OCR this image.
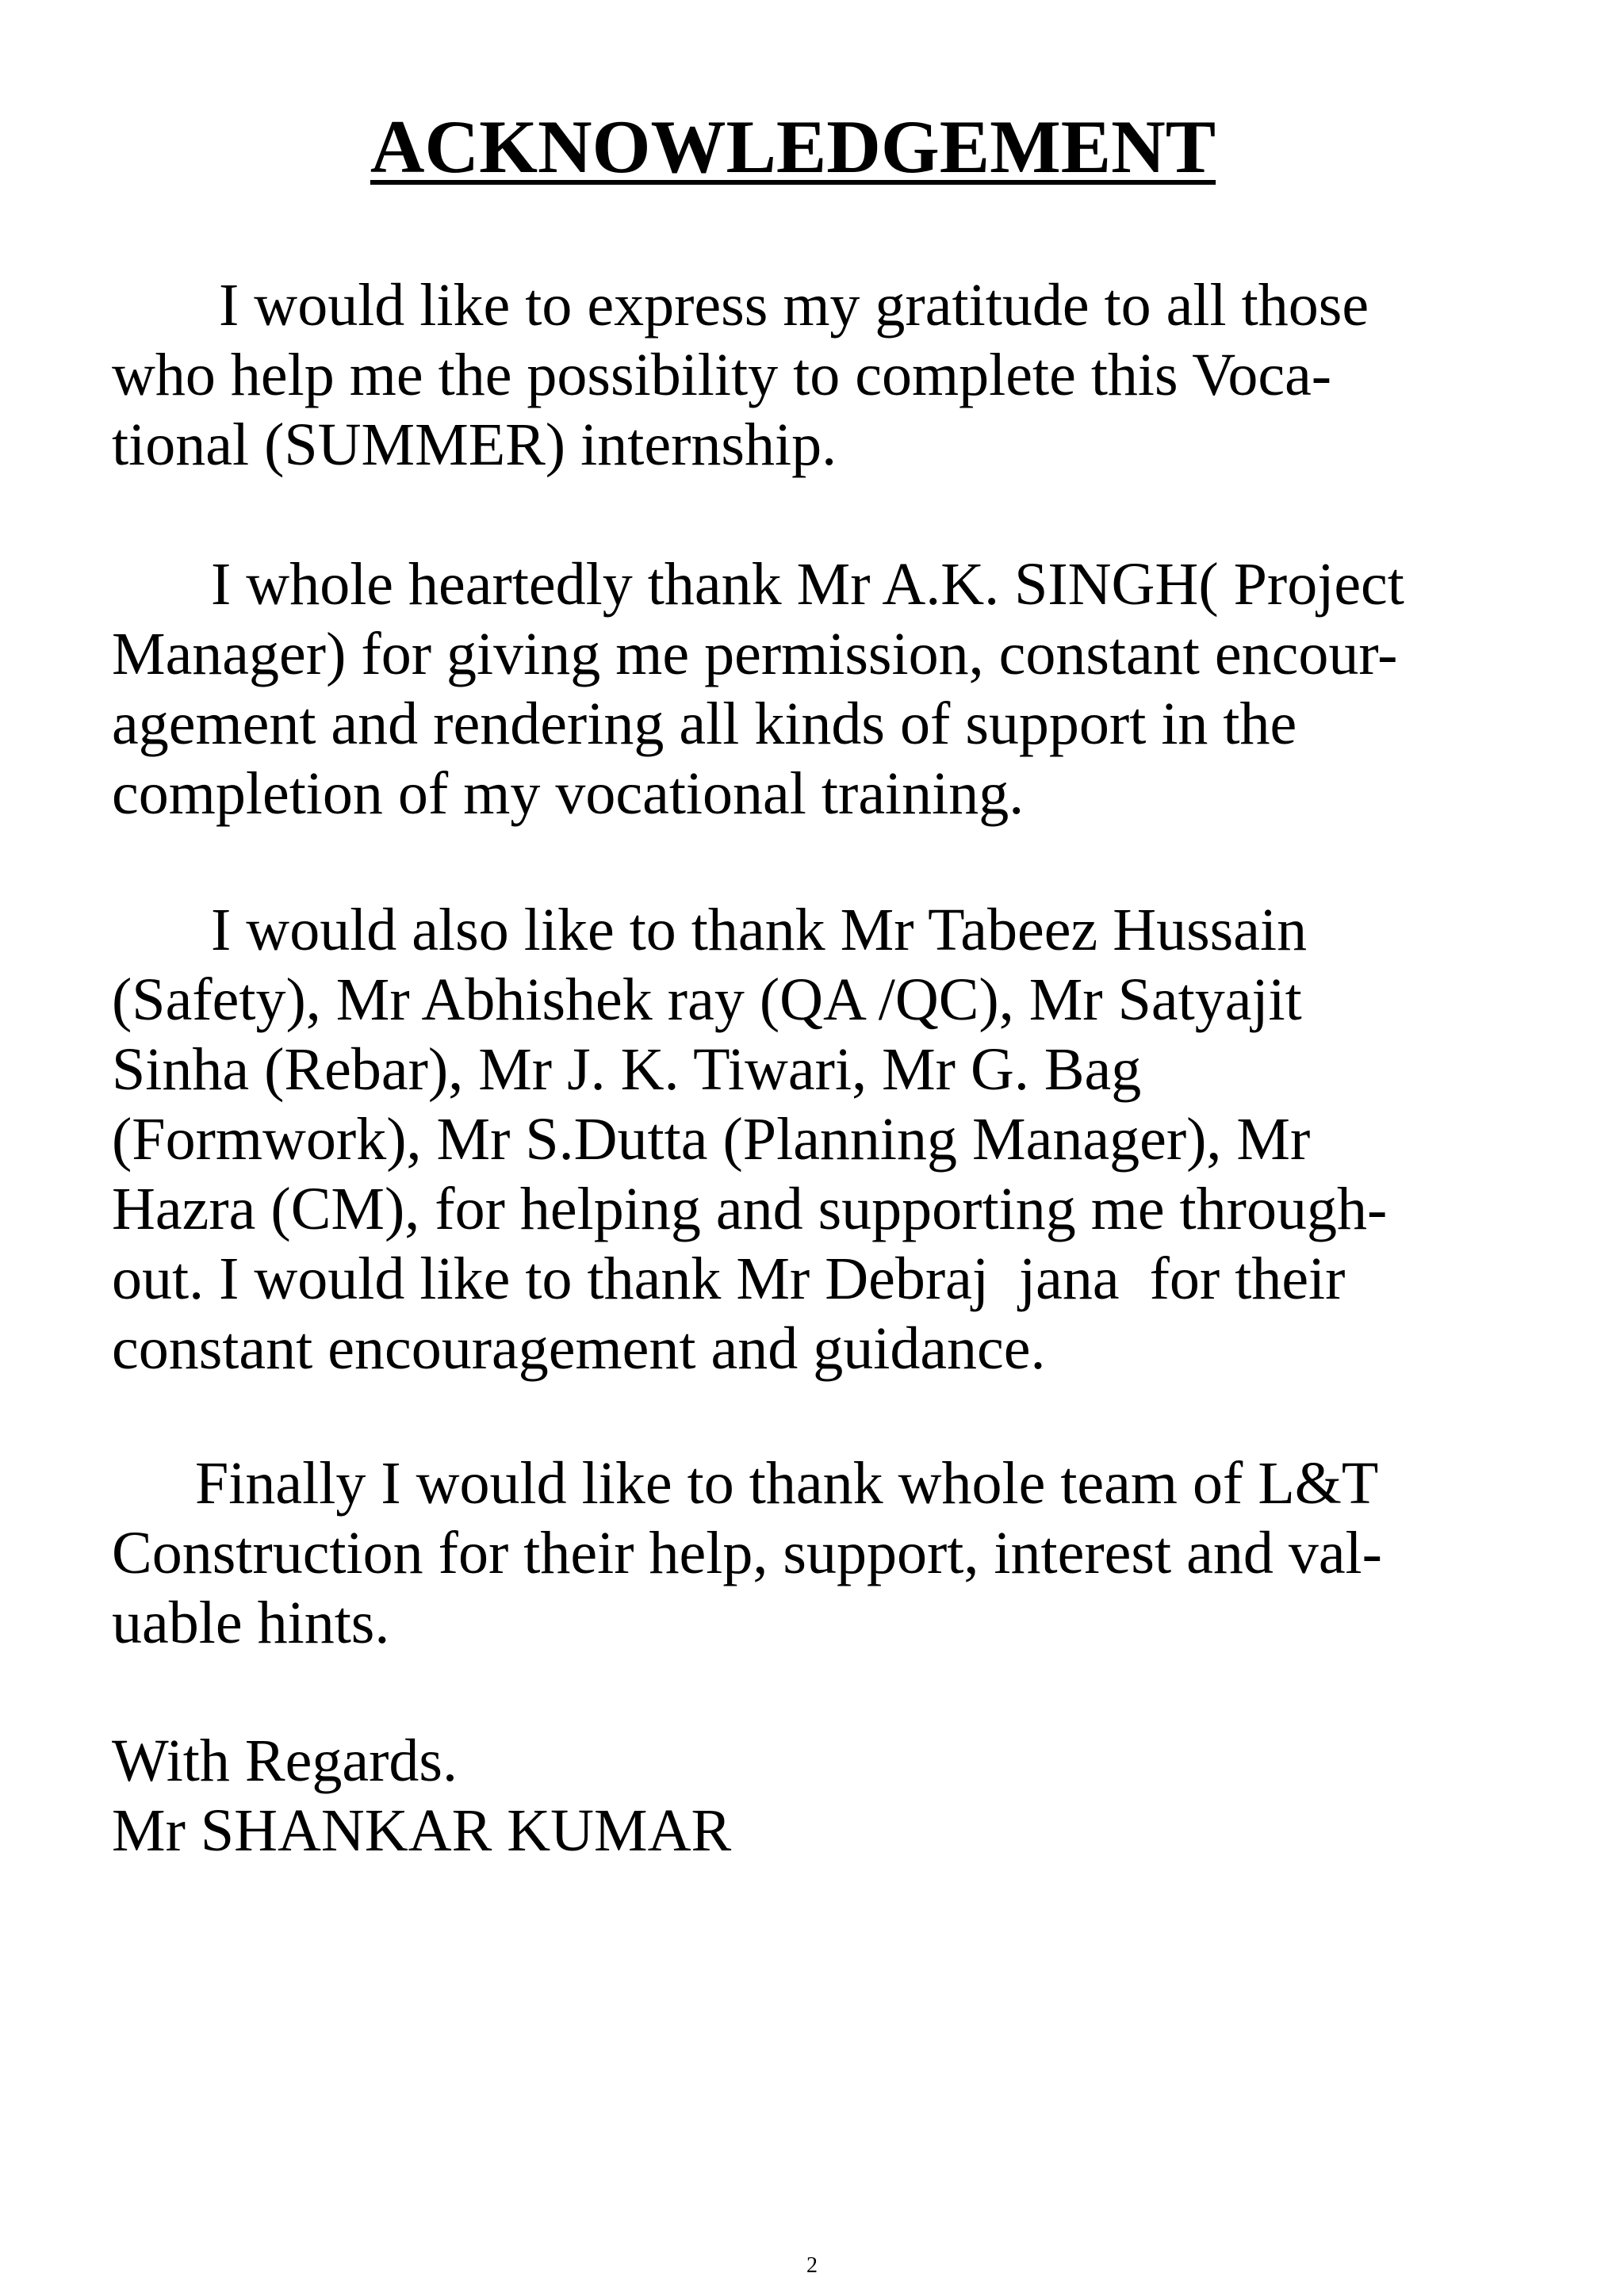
ACKNOWLEDGEMENT

I would like to express my gratitude to all those
who help me the possibility to complete this Voca-
tional (SUMMER) internship.

I whole heartedly thank Mr A.K. SINGH( Project
Manager) for giving me permission, constant encour-
agement and rendering all kinds of support in the
completion of my vocational training.

I would also like to thank Mr Tabeez Hussain
(Safety), Mr Abhishek ray (QA /QC), Mr Satyajit
Sinha (Rebar), Mr J. K. Tiwari, Mr G. Bag
(Formwork), Mr S.Dutta (Planning Manager), Mr
Hazra (CM), for helping and supporting me through-
out. I would like to thank Mr Debraj  jana  for their
constant encouragement and guidance.

Finally I would like to thank whole team of L&T
Construction for their help, support, interest and val-
uable hints.

With Regards.
Mr SHANKAR KUMAR

2
